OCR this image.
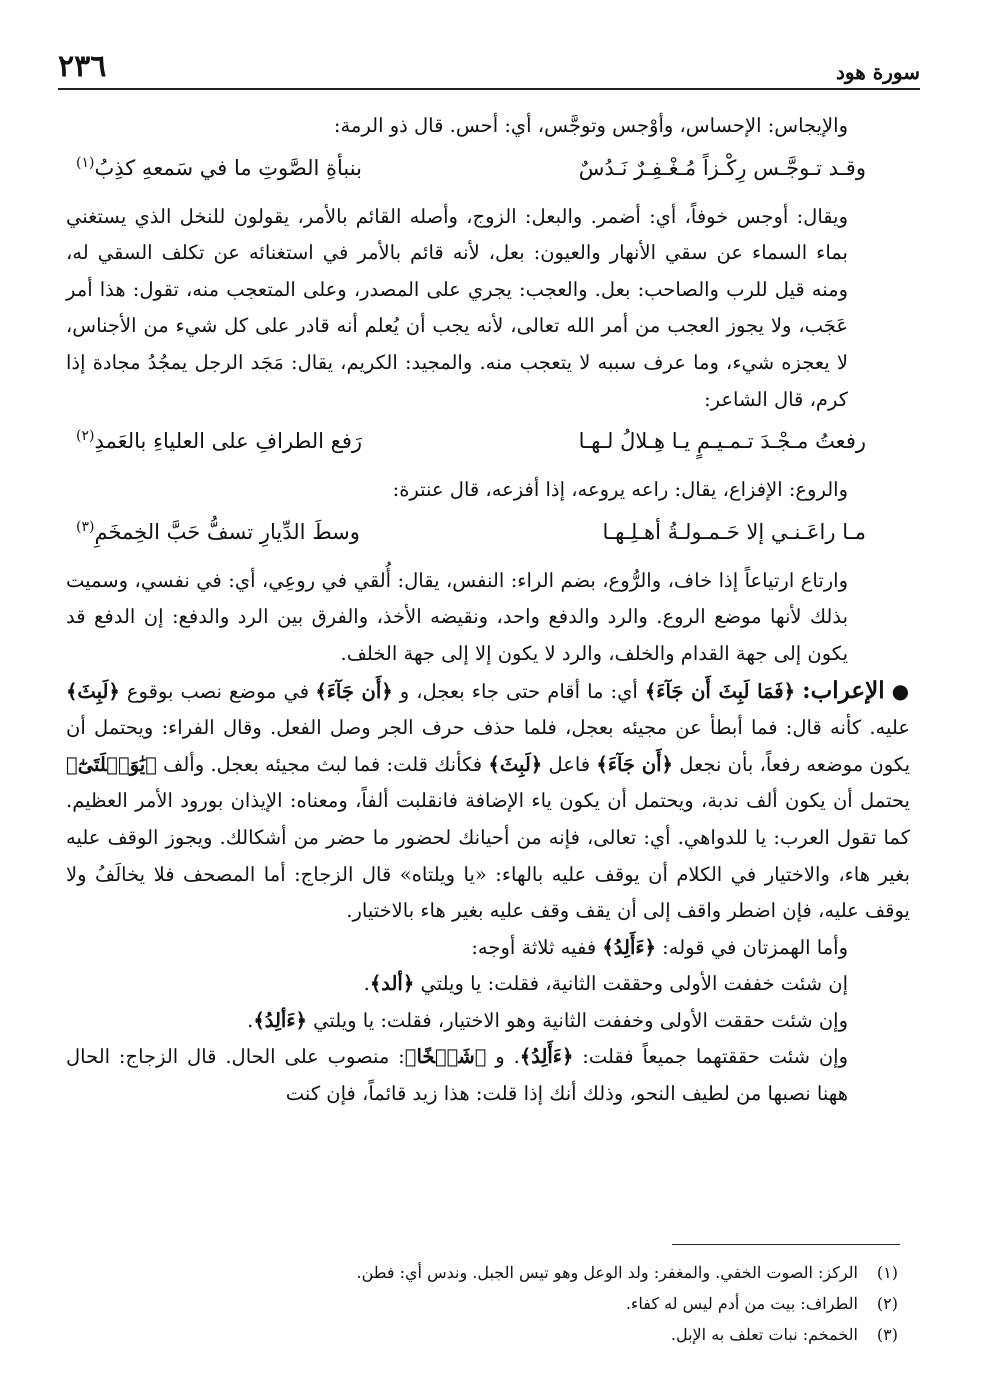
٢٣٦	سورة هود

والإيجاس: الإحساس، وأوْجس وتوجَّس، أي: أحس. قال ذو الرمة:

وقـد تـوجَّـس رِكْـزاً مُـغْـفِـرٌ نَـدُسٌ
بنبأةِ الصَّوتِ ما في سَمعهِ كذِبُ$^{(١)}$

ويقال: أوجس خوفاً، أي: أضمر. والبعل: الزوج، وأصله القائم بالأمر، يقولون للنخل الذي يستغني بماء السماء عن سقي الأنهار والعيون: بعل، لأنه قائم بالأمر في استغنائه عن تكلف السقي له، ومنه قيل للرب والصاحب: بعل. والعجب: يجري على المصدر، وعلى المتعجب منه، تقول: هذا أمر عَجَب، ولا يجوز العجب من أمر الله تعالى، لأنه يجب أن يُعلم أنه قادر على كل شيء من الأجناس، لا يعجزه شيء، وما عرف سببه لا يتعجب منه. والمجيد: الكريم، يقال: مَجَد الرجل يمجُدُ مجادة إذا كرم، قال الشاعر:

رفعتُ مـجْـدَ تـمـيـمٍ يـا هِـلالُ لـهـا
رَفع الطرافِ على العلياءِ بالعَمدِ$^{(٢)}$

والروع: الإفزاع، يقال: راعه يروعه، إذا أفزعه، قال عنترة:

مـا راعَـنـي إلا حَـمـولـةُ أهـلِـهـا
وسطَ الدِّيارِ تسفُّ حَبَّ الخِمخَمِ$^{(٣)}$

وارتاع ارتياعاً إذا خاف، والرُّوع، بضم الراء: النفس، يقال: أُلقي في روعِي، أي: في نفسي، وسميت بذلك لأنها موضع الروع. والرد والدفع واحد، ونقيضه الأخذ، والفرق بين الرد والدفع: إن الدفع قد يكون إلى جهة القدام والخلف، والرد لا يكون إلا إلى جهة الخلف.

● الإعراب: ﴿فَمَا لَبِثَ أَن جَآءَ﴾ أي: ما أقام حتى جاء بعجل، و ﴿أَن جَآءَ﴾ في موضع نصب بوقوع ﴿لَبِثَ﴾ عليه. كأنه قال: فما أبطأ عن مجيئه بعجل، فلما حذف حرف الجر وصل الفعل. وقال الفراء: ويحتمل أن يكون موضعه رفعاً، بأن نجعل ﴿أَن جَآءَ﴾ فاعل ﴿لَبِثَ﴾ فكأنك قلت: فما لبث مجيئه بعجل. وألف ﴿يَٰوَيۡلَتَىٰٓ﴾ يحتمل أن يكون ألف ندبة، ويحتمل أن يكون ياء الإضافة فانقلبت ألفاً، ومعناه: الإيذان بورود الأمر العظيم. كما تقول العرب: يا للدواهي. أي: تعالى، فإنه من أحيانك لحضور ما حضر من أشكالك. ويجوز الوقف عليه بغير هاء، والاختيار في الكلام أن يوقف عليه بالهاء: «يا ويلتاه» قال الزجاج: أما المصحف فلا يخالَفُ ولا يوقف عليه، فإن اضطر واقف إلى أن يقف وقف عليه بغير هاء بالاختيار.

وأما الهمزتان في قوله: ﴿ءَأَلِدُ﴾ ففيه ثلاثة أوجه:

إن شئت خففت الأولى وحققت الثانية، فقلت: يا ويلتي ﴿ألد﴾.

وإن شئت حققت الأولى وخففت الثانية وهو الاختيار، فقلت: يا ويلتي ﴿ءَألِدُ﴾.

وإن شئت حققتهما جميعاً فقلت: ﴿ءَأَلِدُ﴾. و ﴿شَيۡخًا﴾: منصوب على الحال. قال الزجاج: الحال ههنا نصبها من لطيف النحو، وذلك أنك إذا قلت: هذا زيد قائماً، فإن كنت

(١)
الركز: الصوت الخفي. والمغفر: ولد الوعل وهو تيس الجبل. وندس أي: فطن.
(٢)
الطراف: بيت من أدم ليس له كفاء.
(٣)
الخمخم: نبات تعلف به الإبل.
